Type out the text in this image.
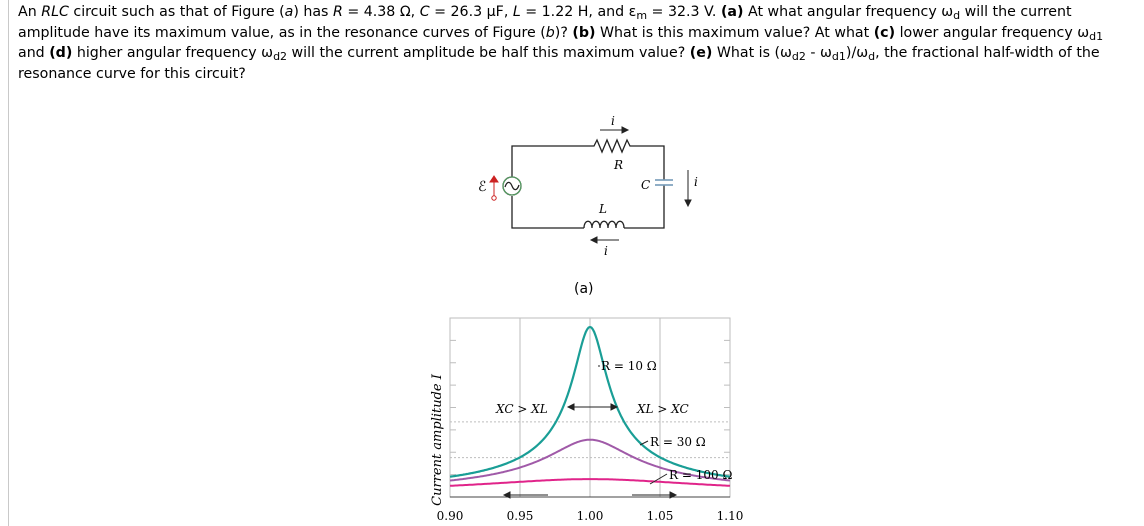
An RLC circuit such as that of Figure (a) has R = 4.38 Ω, C = 26.3 μF, L = 1.22 H, and $\varepsilon_m = 32.3$ V. (a) At what angular frequency $\omega_d$ will the current amplitude have its maximum value, as in the resonance curves of Figure (b)? (b) What is this maximum value? At what (c) lower angular frequency $\omega_{d1}$ and (d) higher angular frequency $\omega_{d2}$ will the current amplitude be half this maximum value? (e) What is $(\omega_{d2} - \omega_{d1})/\omega_d$, the fractional half-width of the resonance curve for this circuit?
i
R
C	i
L
i
ℰ
(a)
R = 10 Ω
XC > XL	XL > XC
R = 30 Ω
R = 100 Ω
Current amplitude I
0.90	0.95	1.00	1.05	1.10
